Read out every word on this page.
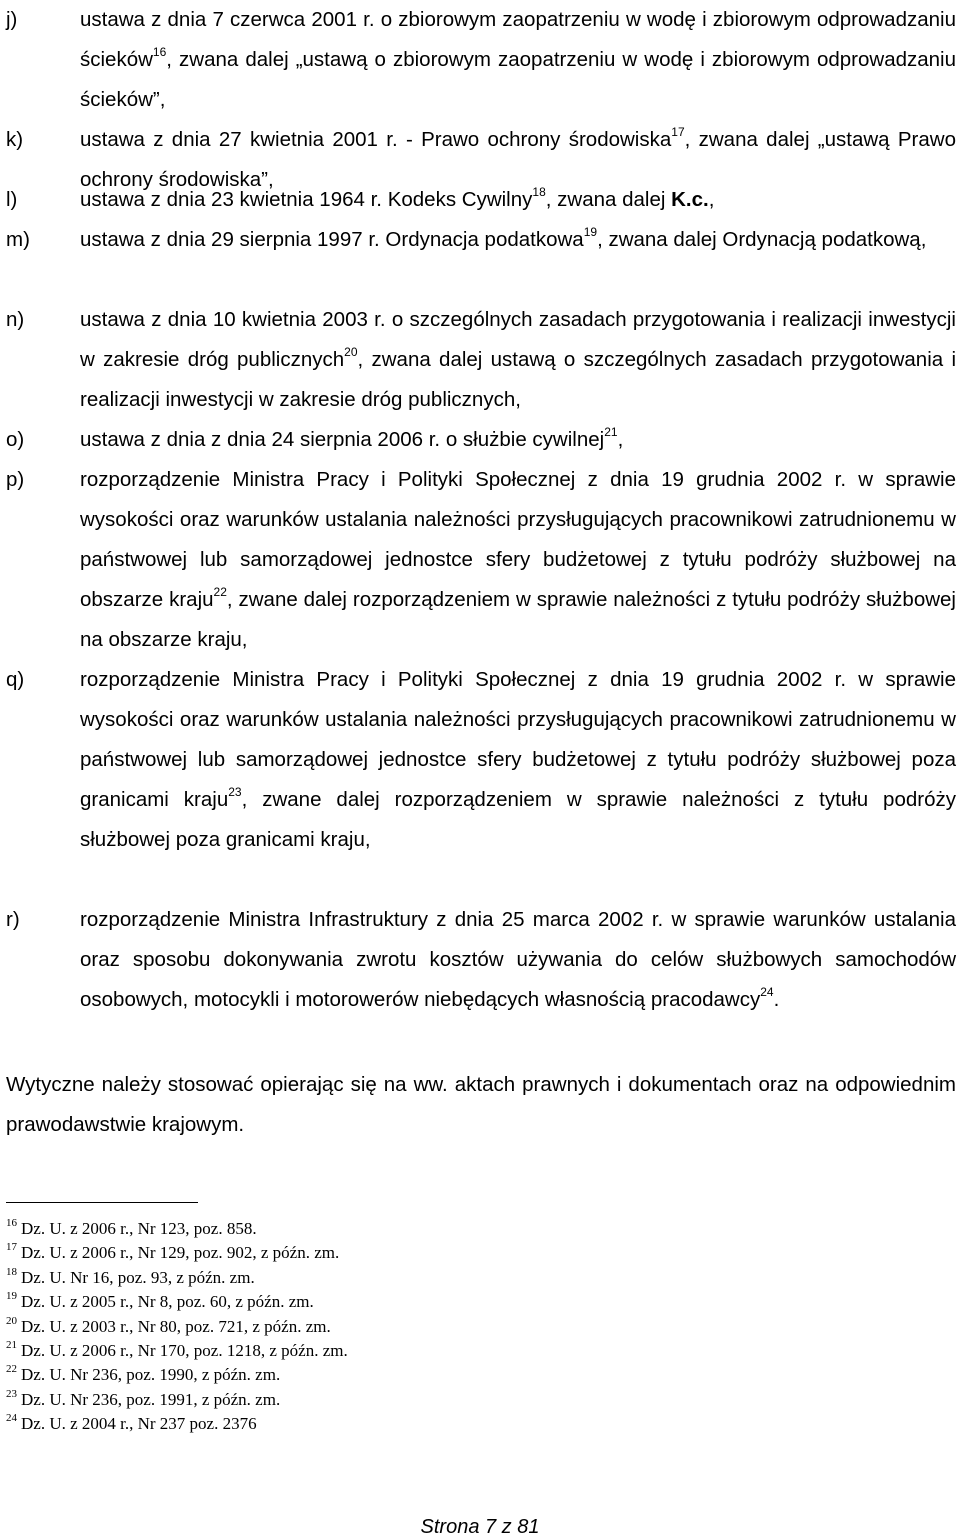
j)	ustawa z dnia 7 czerwca 2001 r. o zbiorowym zaopatrzeniu w wodę i zbiorowym odprowadzaniu ścieków$^{16}$, zwana dalej „ustawą o zbiorowym zaopatrzeniu w wodę i zbiorowym odprowadzaniu ścieków”,
k)	ustawa z dnia 27 kwietnia 2001 r. - Prawo ochrony środowiska$^{17}$, zwana dalej „ustawą Prawo ochrony środowiska”,
l)	ustawa z dnia 23 kwietnia 1964 r. Kodeks Cywilny$^{18}$, zwana dalej K.c.,
m) ustawa z dnia 29 sierpnia 1997 r. Ordynacja podatkowa$^{19}$, zwana dalej Ordynacją podatkową,
n)	ustawa z dnia 10 kwietnia 2003 r. o szczególnych zasadach przygotowania i realizacji inwestycji w zakresie dróg publicznych$^{20}$, zwana dalej ustawą o szczególnych zasadach przygotowania i realizacji inwestycji w zakresie dróg publicznych,
o)	ustawa z dnia z dnia 24 sierpnia 2006 r. o służbie cywilnej$^{21}$,
p)	rozporządzenie Ministra Pracy i Polityki Społecznej z dnia 19 grudnia 2002 r. w sprawie wysokości oraz warunków ustalania należności przysługujących pracownikowi zatrudnionemu w państwowej lub samorządowej jednostce sfery budżetowej z tytułu podróży służbowej na obszarze kraju$^{22}$, zwane dalej rozporządzeniem w sprawie należności z tytułu podróży służbowej na obszarze kraju,
q)	rozporządzenie Ministra Pracy i Polityki Społecznej z dnia 19 grudnia 2002 r. w sprawie wysokości oraz warunków ustalania należności przysługujących pracownikowi zatrudnionemu w państwowej lub samorządowej jednostce sfery budżetowej z tytułu podróży służbowej poza granicami kraju$^{23}$, zwane dalej rozporządzeniem w sprawie należności z tytułu podróży służbowej poza granicami kraju,
r)	rozporządzenie Ministra Infrastruktury z dnia 25 marca 2002 r. w sprawie warunków ustalania oraz sposobu dokonywania zwrotu kosztów używania do celów służbowych samochodów osobowych, motocykli i motorowerów niebędących własnością pracodawcy$^{24}$.

Wytyczne należy stosować opierając się na ww. aktach prawnych i dokumentach oraz na odpowiednim prawodawstwie krajowym.

$^{16}$ Dz. U. z 2006 r., Nr 123, poz. 858.
$^{17}$ Dz. U. z 2006 r., Nr 129, poz. 902, z późn. zm.
$^{18}$ Dz. U. Nr 16, poz. 93, z późn. zm.
$^{19}$ Dz. U. z 2005 r., Nr 8, poz. 60, z późn. zm.
$^{20}$ Dz. U. z 2003 r., Nr 80, poz. 721, z późn. zm.
$^{21}$ Dz. U. z 2006 r., Nr 170, poz. 1218, z późn. zm.
$^{22}$ Dz. U. Nr 236, poz. 1990, z późn. zm.
$^{23}$ Dz. U. Nr 236, poz. 1991, z późn. zm.
$^{24}$ Dz. U. z 2004 r., Nr 237 poz. 2376
Strona 7 z 81
